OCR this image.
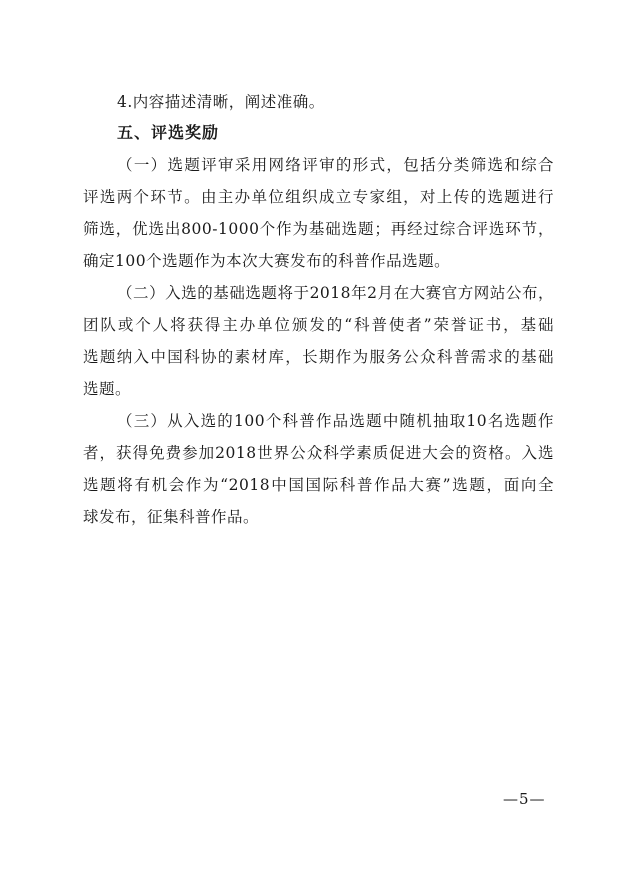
4.内容描述清晰，阐述准确。
五、评选奖励
（一）选题评审采用网络评审的形式，包括分类筛选和综合
评选两个环节。由主办单位组织成立专家组，对上传的选题进行
筛选，优选出800-1000个作为基础选题；再经过综合评选环节，
确定100个选题作为本次大赛发布的科普作品选题。
（二）入选的基础选题将于2018年2月在大赛官方网站公布，
团队或个人将获得主办单位颁发的“科普使者”荣誉证书，基础
选题纳入中国科协的素材库，长期作为服务公众科普需求的基础
选题。
（三）从入选的100个科普作品选题中随机抽取10名选题作
者，获得免费参加2018世界公众科学素质促进大会的资格。入选
选题将有机会作为“2018中国国际科普作品大赛”选题，面向全
球发布，征集科普作品。
—5—
